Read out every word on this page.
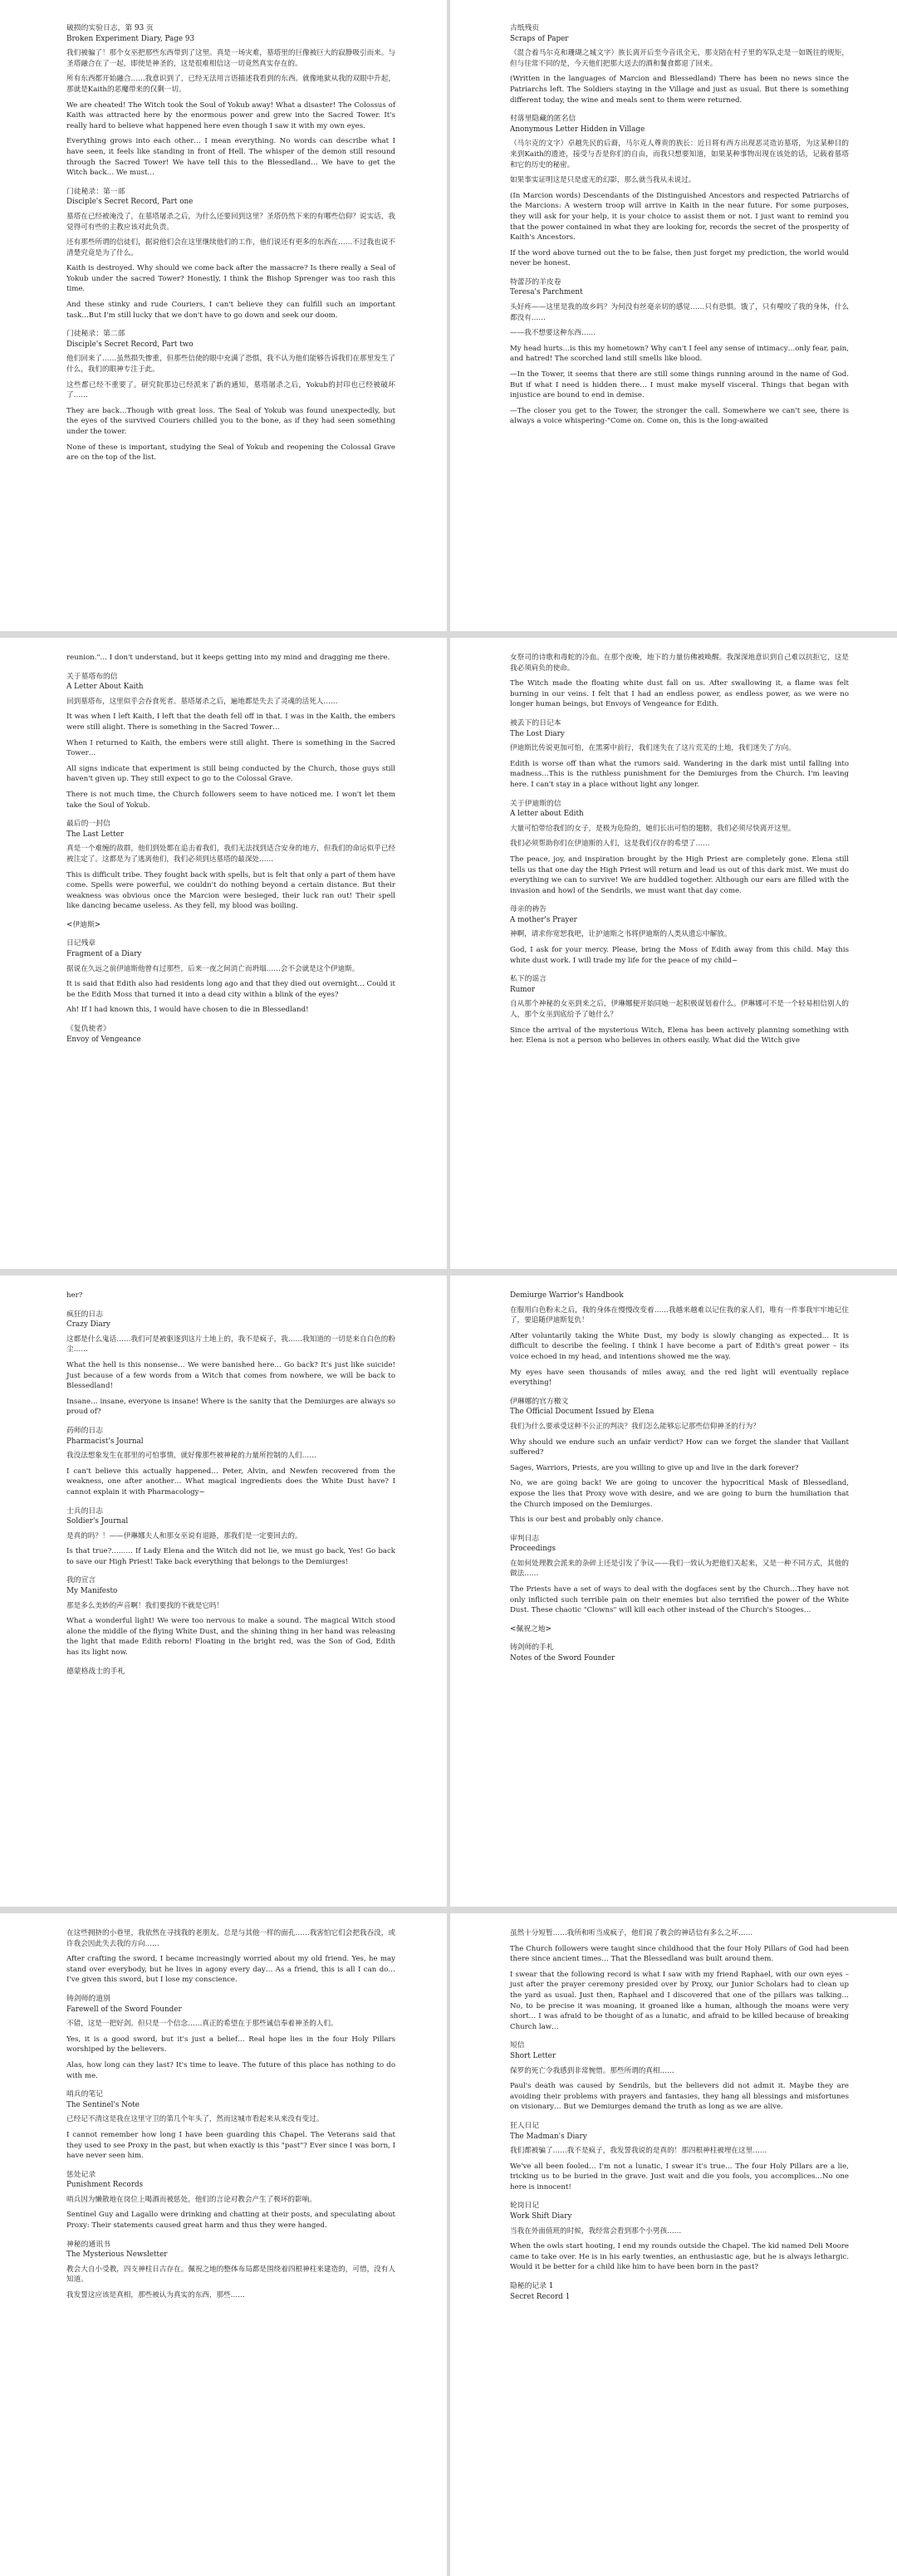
破损的实验日志，第 93 页
Broken Experiment Diary, Page 93
我们被骗了！那个女巫把那些东西带到了这里。真是一场灾难，墓塔里的巨像被巨大的寂静吸引而来。与圣塔融合在了一起，即使是神圣的，这是很难相信这一切竟然真实存在的。
所有东西都开始融合……我意识到了，已经无法用言语描述我看到的东西。就像地狱从我的双眼中升起，那就是Kaith的恶魔带来的仅剩一切。
We are cheated! The Witch took the Soul of Yokub away! What a disaster! The Colossus of Kaith was attracted here by the enormous power and grew into the Sacred Tower. It's really hard to believe what happened here even though I saw it with my own eyes.
Everything grows into each other… I mean everything. No words can describe what I have seen, it feels like standing in front of Hell. The whisper of the demon still resound through the Sacred Tower! We have tell this to the Blessedland… We have to get the Witch back… We must…
门徒秘录：第一部
Disciple's Secret Record, Part one
墓塔在已经被淹没了，在墓塔屠杀之后，为什么还要回到这里？圣塔仍然下来的有哪些信仰？说实话，我觉得可有些的主教应该对此负责。
还有那些所谓的信徒们，据说他们会在这里继续他们的工作，他们说还有更多的东西在……不过我也说不清楚究竟是为了什么。
Kaith is destroyed. Why should we come back after the massacre? Is there really a Seal of Yokub under the sacred Tower? Honestly, I think the Bishop Sprenger was too rash this time.
And these stinky and rude Couriers, I can't believe they can fulfill such an important task…But I'm still lucky that we don't have to go down and seek our doom.
门徒秘录：第二部
Disciple's Secret Record, Part two
他们回来了……虽然损失惨重，但那些信使的眼中充满了恐惧，我不认为他们能够告诉我们在那里发生了什么，我们的眼神专注于此。
这些都已经不重要了。研究院那边已经派来了新的通知，墓塔屠杀之后，Yokub的封印也已经被破坏了……
They are back…Though with great loss. The Seal of Yokub was found unexpectedly, but the eyes of the survived Couriers chilled you to the bone, as if they had seen something under the tower.
None of these is important, studying the Seal of Yokub and reopening the Colossal Grave are on the top of the list.
古纸残页
Scraps of Paper
（混合着马尔克和珊瑚之城文字）族长离开后至今音讯全无，那支陪在村子里的军队走是一如既往的规矩，但与往常不同的是，今天他们把那大送去的酒和餐食都退了回来。
(Written in the languages of Marcion and Blessedland) There has been no news since the Patriarchs left. The Soldiers staying in the Village and just as usual. But there is something different today, the wine and meals sent to them were returned.
村落里隐藏的匿名信
Anonymous Letter Hidden in Village
（马尔克的文字）卓越先民的后裔，马尔克人尊贵的族长：近日将有西方出现恶灵造访墓塔，为这某种目的来到Kaith的遗迹，接受与否是你们的自由，而我只想要知道，如果某种事物出现在该处的话，记载着墓塔和它的历史的秘密。
如果事实证明这是只是虚无的幻影，那么就当我从未说过。
(In Marcion words) Descendants of the Distinguished Ancestors and respected Patriarchs of the Marcions: A western troop will arrive in Kaith in the near future. For some purposes, they will ask for your help, it is your choice to assist them or not. I just want to remind you that the power contained in what they are looking for, records the secret of the prosperity of Kaith's Ancestors.
If the word above turned out the to be false, then just forget my prediction, the world would never be honest.
特蕾莎的羊皮卷
Teresa's Parchment
头好疼——这里是我的故乡吗？为何没有丝毫亲切的感觉……只有恐惧。饿了，只有噬咬了我的身体，什么都没有……
——我不想要这种东西……
My head hurts…is this my hometown? Why can't I feel any sense of intimacy…only fear, pain, and hatred! The scorched land still smells like blood.
—In the Tower, it seems that there are still some things running around in the name of God. But if what I need is hidden there… I must make myself visceral. Things that began with injustice are bound to end in demise.
—The closer you get to the Tower, the stronger the call. Somewhere we can't see, there is always a voice whispering-"Come on. Come on, this is the long-awaited
reunion."… I don't understand, but it keeps getting into my mind and dragging me there.
关于墓塔布的信
A Letter About Kaith
回到墓塔布，这里似乎会吞食死者。墓塔屠杀之后，遍地都是失去了灵魂的活死人……
It was when I left Kaith, I left that the death fell off in that. I was in the Kaith, the embers were still alight. There is something in the Sacred Tower…
When I returned to Kaith, the embers were still alight. There is something in the Sacred Tower…
All signs indicate that experiment is still being conducted by the Church, those guys still haven't given up. They still expect to go to the Colossal Grave.
There is not much time, the Church followers seem to have noticed me. I won't let them take the Soul of Yokub.
最后的一封信
The Last Letter
真是一个难缠的敌群，他们到处都在追击着我们，我们无法找到适合安身的地方，但我们的命运似乎已经被注定了。这都是为了逃离他们，我们必须到达墓塔的最深处……
This is difficult tribe. They fought back with spells, but is felt that only a part of them have come. Spells were powerful, we couldn't do nothing beyond a certain distance. But their weakness was obvious once the Marcion were besieged, their luck ran out! Their spell like dancing became useless. As they fell, my blood was boiling.
<伊迪斯>
日记残章
Fragment of a Diary
据说在久远之前伊迪斯他曾有过那些，后来一夜之间消亡而坍塌……会不会就是这个伊迪斯。
It is said that Edith also had residents long ago and that they died out overnight… Could it be the Edith Moss that turned it into a dead city within a blink of the eyes?
Ah! If I had known this, I would have chosen to die in Blessedland!
《复仇使者》
Envoy of Vengeance
女祭司的诗歌和毒蛇的冷血。在那个夜晚，地下的力量仿佛被唤醒。我深深地意识到自己难以抗拒它，这是我必须肩负的使命。
The Witch made the floating white dust fall on us. After swallowing it, a flame was felt burning in our veins. I felt that I had an endless power, as endless power, as we were no longer human beings, but Envoys of Vengeance for Edith.
被丢下的日记本
The Lost Diary
伊迪斯比传说更加可怕，在黑雾中前行，我们迷失在了这片荒芜的土地，我们迷失了方向。
Edith is worse off than what the rumors said. Wandering in the dark mist until falling into madness…This is the ruthless punishment for the Demiurges from the Church. I'm leaving here. I can't stay in a place without light any longer.
关于伊迪斯的信
A letter about Edith
大量可怕带给我们的女子，是极为危险的，她们长出可怕的翅膀，我们必须尽快离开这里。
我们必须帮助你们在伊迪斯的人们，这是我们仅存的希望了……
The peace, joy, and inspiration brought by the High Priest are completely gone. Elena still tells us that one day the High Priest will return and lead us out of this dark mist. We must do everything we can to survive! We are huddled together. Although our ears are filled with the invasion and howl of the Sendrils, we must want that day come.
母亲的祷告
A mother's Prayer
神啊，请求你宽恕我吧，让护迪斯之书将伊迪斯的人类从遗忘中解放。
God, I ask for your mercy. Please, bring the Moss of Edith away from this child. May this white dust work. I will trade my life for the peace of my child~
私下的谣言
Rumor
自从那个神秘的女巫到来之后，伊琳娜便开始同她一起积极谋划着什么。伊琳娜可不是一个轻易相信别人的人，那个女巫到底给予了她什么？
Since the arrival of the mysterious Witch, Elena has been actively planning something with her. Elena is not a person who believes in others easily. What did the Witch give
her?
疯狂的日志
Crazy Diary
这都是什么鬼话……我们可是被驱逐到这片土地上的，我不是疯子，我……我知道的一切是来自白色的粉尘……
What the hell is this nonsense… We were banished here… Go back? It's just like suicide! Just because of a few words from a Witch that comes from nowhere, we will be back to Blessedland!
Insane… insane, everyone is insane! Where is the sanity that the Demiurges are always so proud of?
药师的日志
Pharmacist's Journal
我没法想象发生在那里的可怕事情，就好像那些被神秘的力量所控制的人们……
I can't believe this actually happened… Peter, Alvin, and Newfen recovered from the weakness, one after another… What magical ingredients does the White Dust have? I cannot explain it with Pharmacology~
士兵的日志
Soldier's Journal
是真的吗？！——伊琳娜夫人和那女巫说有退路，那我们是一定要回去的。
Is that true?……… If Lady Elena and the Witch did not lie, we must go back, Yes! Go back to save our High Priest! Take back everything that belongs to the Demiurges!
我的宣言
My Manifesto
那是多么美妙的声音啊！我们要找的不就是它吗！
What a wonderful light! We were too nervous to make a sound. The magical Witch stood alone the middle of the flying White Dust, and the shining thing in her hand was releasing the light that made Edith reborn! Floating in the bright red, was the Son of God, Edith has its light now.
德蒙格战士的手札
Demiurge Warrior's Handbook
在服用白色粉末之后，我的身体在慢慢改变着……我越来越难以记住我的家人们，唯有一件事我牢牢地记住了，要追随伊迪斯复仇！
After voluntarily taking the White Dust, my body is slowly changing as expected… It is difficult to describe the feeling. I think I have become a part of Edith's great power – its voice echoed in my head, and intentions showed me the way.
My eyes have seen thousands of miles away, and the red light will eventually replace everything!
伊琳娜的官方檄文
The Official Document Issued by Elena
我们为什么要承受这种不公正的判决？我们怎么能够忘记那些信仰神圣的行为？
Why should we endure such an unfair verdict? How can we forget the slander that Vaillant suffered?
Sages, Warriors, Priests, are you willing to give up and live in the dark forever?
No, we are going back! We are going to uncover the hypocritical Mask of Blessedland, expose the lies that Proxy wove with desire, and we are going to burn the humiliation that the Church imposed on the Demiurges.
This is our best and probably only chance.
审判日志
Proceedings
在如何处理教会派来的杂碎上还是引发了争议——我们一致认为把他们关起来，又是一种不同方式，其他的做法……
The Priests have a set of ways to deal with the dogfaces sent by the Church…They have not only inflicted such terrible pain on their enemies but also terrified the power of the White Dust. These chaotic "Clowns" will kill each other instead of the Church's Stooges…
<佩祝之地>
铸剑师的手札
Notes of the Sword Founder
在这些拥挤的小巷里，我依然在寻找我的老朋友。总是与其他一样的面孔……我害怕它们会把我吞没，或许我会因此失去我的方向……
After crafting the sword, I became increasingly worried about my old friend. Yes, he may stand over everybody, but he lives in agony every day… As a friend, this is all I can do… I've given this sword, but I lose my conscience.
铸剑师的道别
Farewell of the Sword Founder
不错，这是一把好剑。但只是一个信念……真正的希望在于那些诚信奉着神圣的人们。
Yes, it is a good sword, but it's just a belief… Real hope lies in the four Holy Pillars worshiped by the believers.
Alas, how long can they last? It's time to leave. The future of this place has nothing to do with me.
哨兵的笔记
The Sentinel's Note
已经记不清这是我在这里守卫的第几个年头了，然而这城市看起来从来没有变过。
I cannot remember how long I have been guarding this Chapel. The Veterans said that they used to see Proxy in the past, but when exactly is this "past"? Ever since I was born, I have never seen him.
惩处记录
Punishment Records
哨兵因为懒散地在岗位上喝酒而被惩处，他们的言论对教会产生了极坏的影响。
Sentinel Guy and Lagallo were drinking and chatting at their posts, and speculating about Proxy: Their statements caused great harm and thus they were hanged.
神秘的通讯书
The Mysterious Newsletter
教会大自小受教，四支神柱日古存在。佩祝之地的整体布局都是围绕着四根神柱来建造的，可惜，没有人知道。
我发誓这应该是真相，那些被认为真实的东西，那些……
虽然十分短暂……我所和听当成疯子，他们说了教会的神话信有多么之坏……
The Church followers were taught since childhood that the four Holy Pillars of God had been there since ancient times… That the Blessedland was built around them.
I swear that the following record is what I saw with my friend Raphael, with our own eyes – just after the prayer ceremony presided over by Proxy, our Junior Scholars had to clean up the yard as usual. Just then, Raphael and I discovered that one of the pillars was talking… No, to be precise it was moaning, it groaned like a human, although the moans were very short… I was afraid to be thought of as a lunatic, and afraid to be killed because of breaking Church law…
短信
Short Letter
保罗的死亡令我感到非常惋惜。那些所谓的真相……
Paul's death was caused by Sendrils, but the believers did not admit it. Maybe they are avoiding their problems with prayers and fantasies, they hang all blessings and misfortunes on visionary… But we Demiurges demand the truth as long as we are alive.
狂人日记
The Madman's Diary
我们都被骗了……我不是疯子，我发誓我说的是真的！那四根神柱被埋在这里……
We've all been fooled… I'm not a lunatic, I swear it's true… The four Holy Pillars are a lie, tricking us to be buried in the grave. Just wait and die you fools, you accomplices…No one here is innocent!
轮岗日记
Work Shift Diary
当我在外面值班的时候，我经常会看到那个小男孩……
When the owls start hooting, I end my rounds outside the Chapel. The kid named Deli Moore came to take over. He is in his early twenties, an enthusiastic age, but he is always lethargic. Would it be better for a child like him to have been born in the past?
隐秘的记录 1
Secret Record 1
